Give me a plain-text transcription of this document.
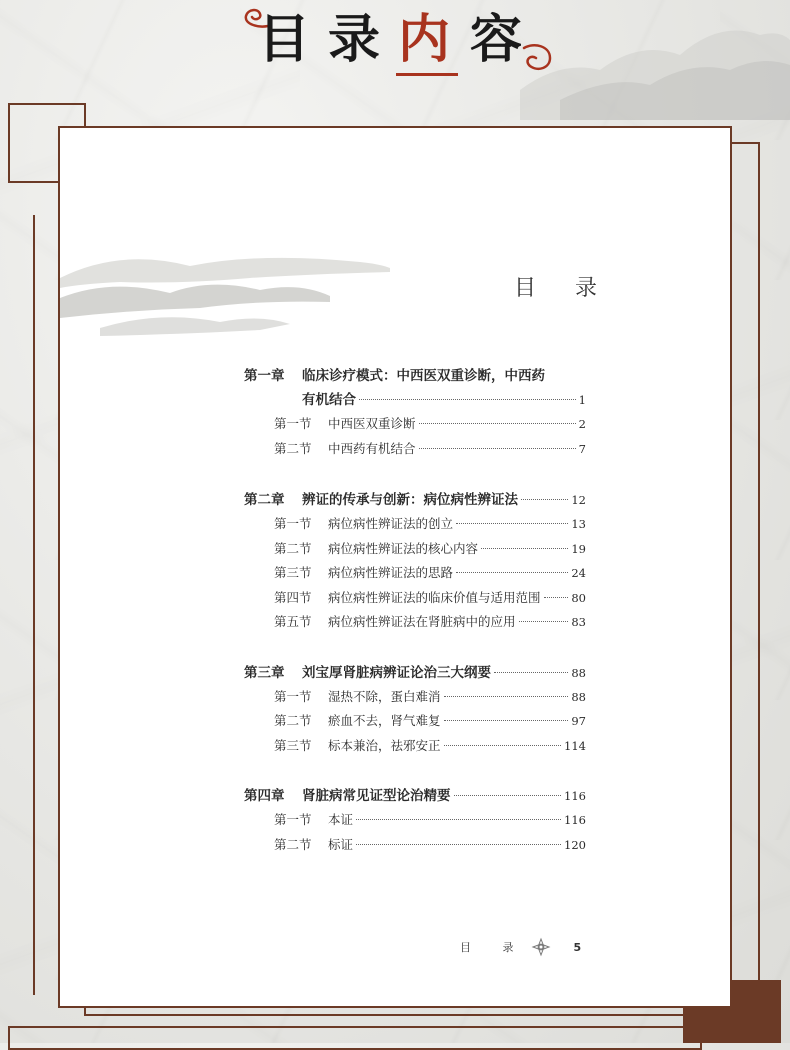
目 录 内 容
目 录
第一章	临床诊疗模式：中西医双重诊断，中西药
有机结合	1
第一节	中西医双重诊断	2
第二节	中西药有机结合	7
第二章	辨证的传承与创新：病位病性辨证法	12
第一节	病位病性辨证法的创立	13
第二节	病位病性辨证法的核心内容	19
第三节	病位病性辨证法的思路	24
第四节	病位病性辨证法的临床价值与适用范围	80
第五节	病位病性辨证法在肾脏病中的应用	83
第三章	刘宝厚肾脏病辨证论治三大纲要	88
第一节	湿热不除，蛋白难消	88
第二节	瘀血不去，肾气难复	97
第三节	标本兼治，祛邪安正	114
第四章	肾脏病常见证型论治精要	116
第一节	本证	116
第二节	标证	120
目 录	5
